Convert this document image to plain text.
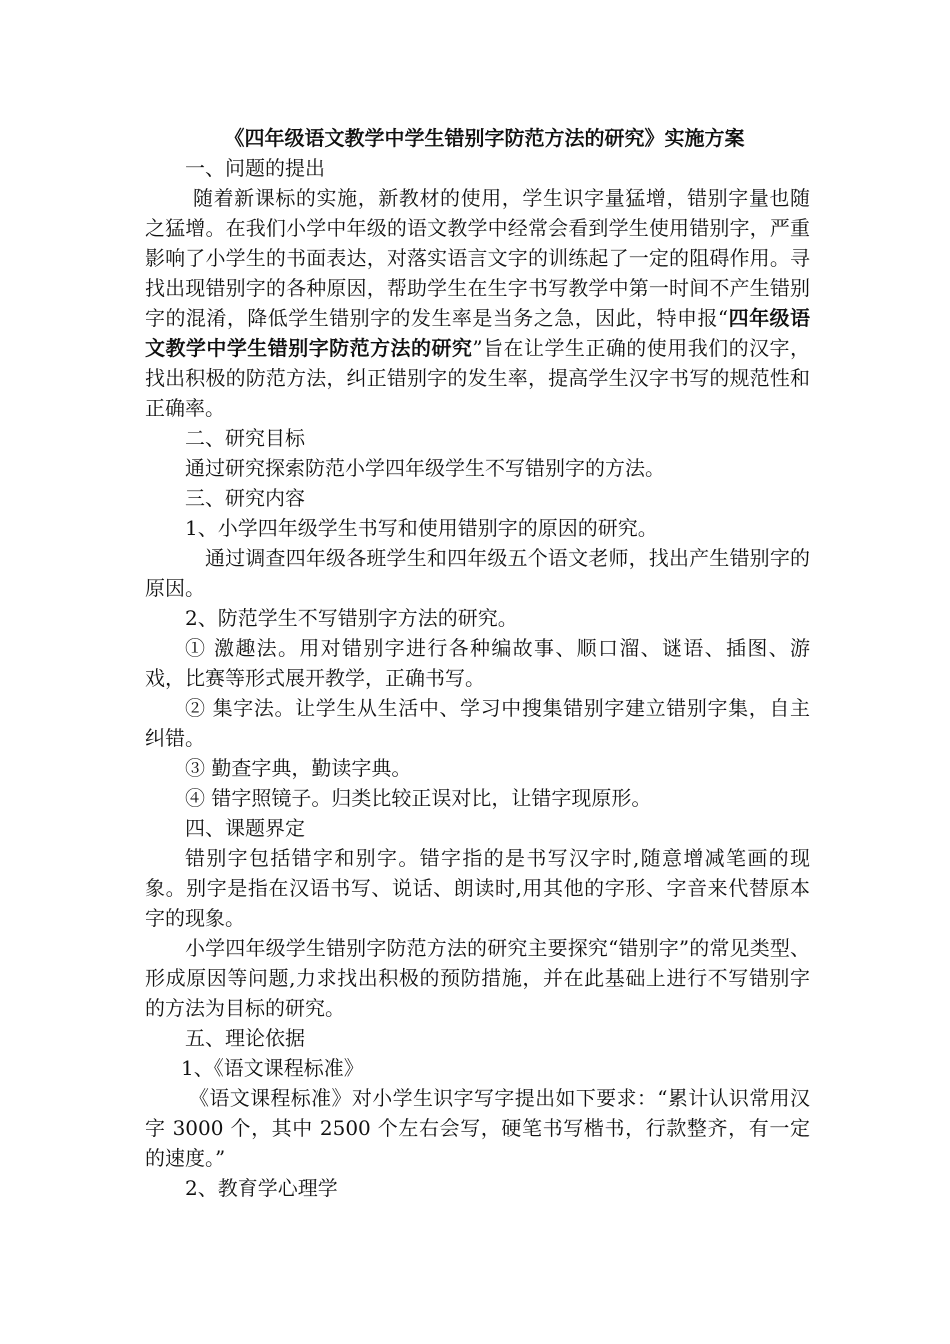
《四年级语文教学中学生错别字防范方法的研究》实施方案

一、问题的提出

随着新课标的实施，新教材的使用，学生识字量猛增，错别字量也随之猛增。在我们小学中年级的语文教学中经常会看到学生使用错别字，严重影响了小学生的书面表达，对落实语言文字的训练起了一定的阻碍作用。寻找出现错别字的各种原因，帮助学生在生字书写教学中第一时间不产生错别字的混淆，降低学生错别字的发生率是当务之急，因此，特申报“四年级语文教学中学生错别字防范方法的研究”旨在让学生正确的使用我们的汉字，找出积极的防范方法，纠正错别字的发生率，提高学生汉字书写的规范性和正确率。

二、研究目标

通过研究探索防范小学四年级学生不写错别字的方法。

三、研究内容

1、小学四年级学生书写和使用错别字的原因的研究。

通过调查四年级各班学生和四年级五个语文老师，找出产生错别字的原因。

2、防范学生不写错别字方法的研究。

① 激趣法。用对错别字进行各种编故事、顺口溜、谜语、插图、游戏，比赛等形式展开教学，正确书写。

② 集字法。让学生从生活中、学习中搜集错别字建立错别字集，自主纠错。

③ 勤查字典，勤读字典。

④ 错字照镜子。归类比较正误对比，让错字现原形。

四、课题界定

错别字包括错字和别字。错字指的是书写汉字时,随意增减笔画的现象。别字是指在汉语书写、说话、朗读时,用其他的字形、字音来代替原本字的现象。

小学四年级学生错别字防范方法的研究主要探究“错别字”的常见类型、形成原因等问题,力求找出积极的预防措施，并在此基础上进行不写错别字的方法为目标的研究。

五、理论依据

1、《语文课程标准》

《语文课程标准》对小学生识字写字提出如下要求：“累计认识常用汉字 3000 个，其中 2500 个左右会写，硬笔书写楷书，行款整齐，有一定的速度。”

2、教育学心理学
